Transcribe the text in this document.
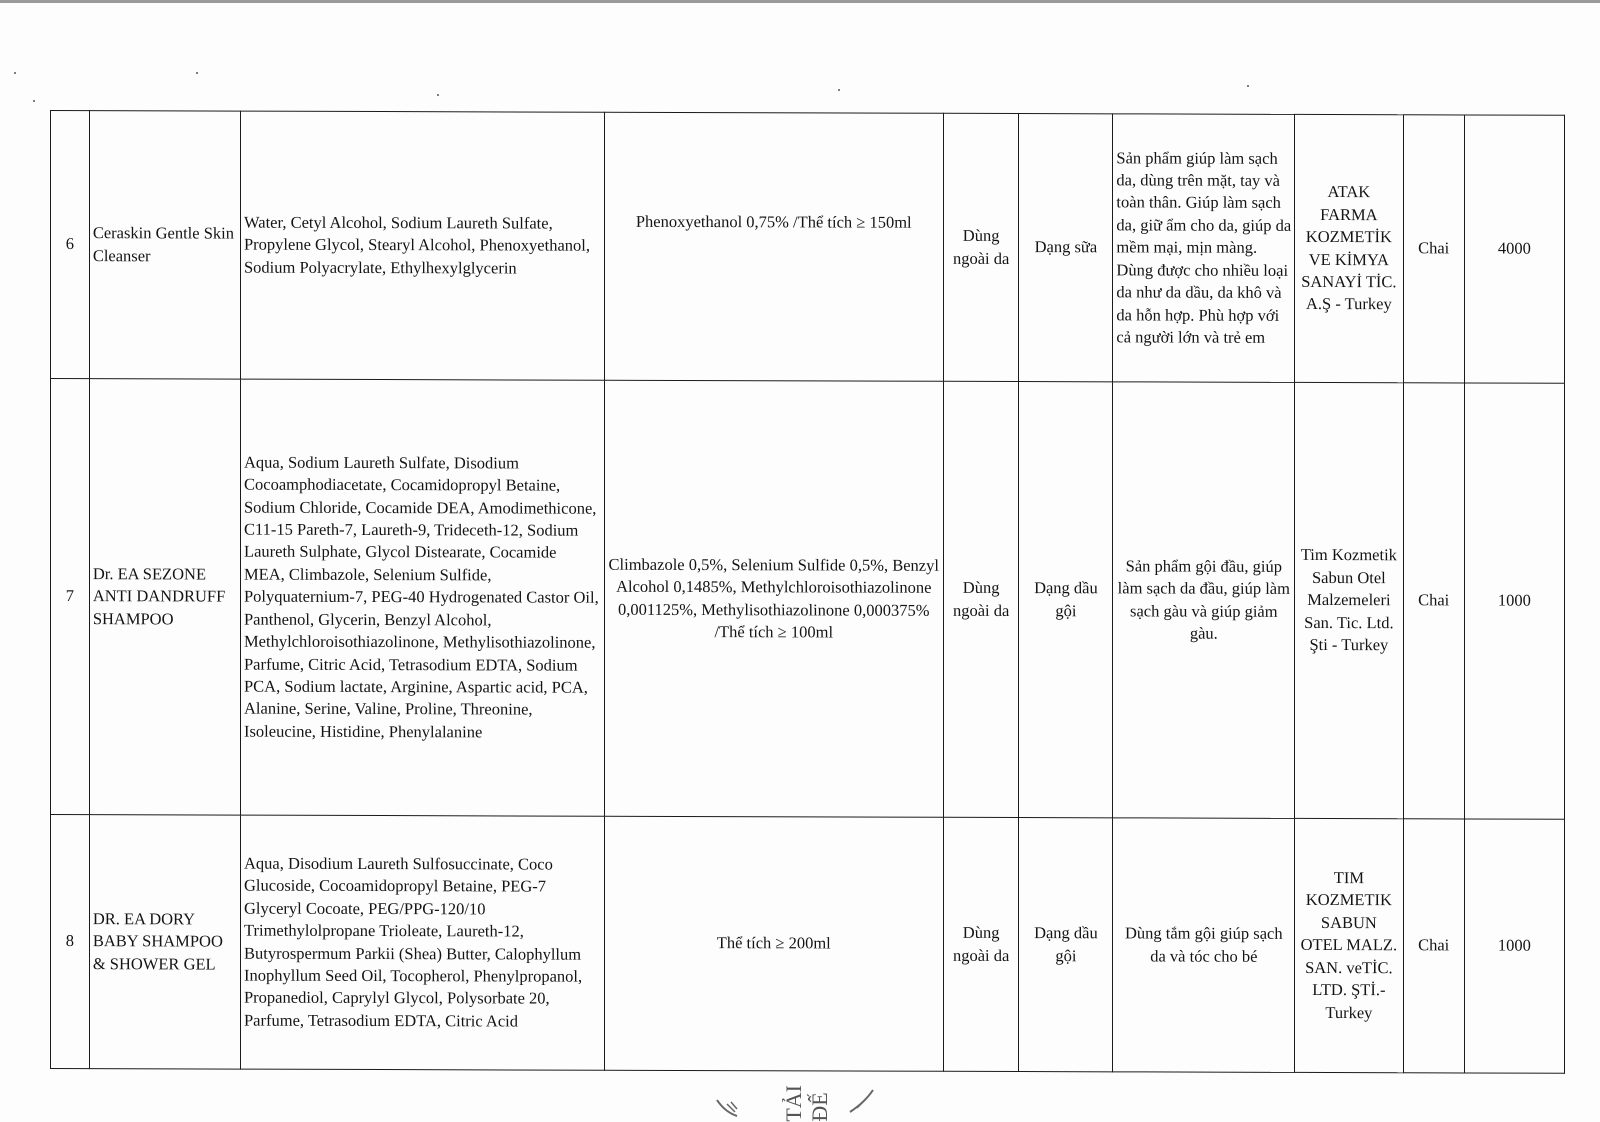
6	Ceraskin Gentle Skin Cleanser	Water, Cetyl Alcohol, Sodium Laureth Sulfate, Propylene Glycol, Stearyl Alcohol, Phenoxyethanol, Sodium Polyacrylate, Ethylhexylglycerin	Phenoxyethanol 0,75% /Thể tích ≥ 150ml	Dùng ngoài da	Dạng sữa	Sản phẩm giúp làm sạch da, dùng trên mặt, tay và toàn thân. Giúp làm sạch da, giữ ẩm cho da, giúp da mềm mại, mịn màng. Dùng được cho nhiều loại da như da dầu, da khô và da hỗn hợp. Phù hợp với cả người lớn và trẻ em	ATAK FARMA KOZMETİK VE KİMYA SANAYİ TİC. A.Ş - Turkey	Chai	4000
7	Dr. EA SEZONE ANTI DANDRUFF SHAMPOO	Aqua, Sodium Laureth Sulfate, Disodium Cocoamphodiacetate, Cocamidopropyl Betaine, Sodium Chloride, Cocamide DEA, Amodimethicone, C11-15 Pareth-7, Laureth-9, Trideceth-12, Sodium Laureth Sulphate, Glycol Distearate, Cocamide MEA, Climbazole, Selenium Sulfide, Polyquaternium-7, PEG-40 Hydrogenated Castor Oil, Panthenol, Glycerin, Benzyl Alcohol, Methylchloroisothiazolinone, Methylisothiazolinone, Parfume, Citric Acid, Tetrasodium EDTA, Sodium PCA, Sodium lactate, Arginine, Aspartic acid, PCA, Alanine, Serine, Valine, Proline, Threonine, Isoleucine, Histidine, Phenylalanine	Climbazole 0,5%, Selenium Sulfide 0,5%, Benzyl Alcohol 0,1485%, Methylchloroisothiazolinone 0,001125%, Methylisothiazolinone 0,000375% /Thể tích ≥ 100ml	Dùng ngoài da	Dạng dầu gội	Sản phẩm gội đầu, giúp làm sạch da đầu, giúp làm sạch gàu và giúp giảm gàu.	Tim Kozmetik Sabun Otel Malzemeleri San. Tic. Ltd. Şti - Turkey	Chai	1000
8	DR. EA DORY BABY SHAMPOO & SHOWER GEL	Aqua, Disodium Laureth Sulfosuccinate, Coco Glucoside, Cocoamidopropyl Betaine, PEG-7 Glyceryl Cocoate, PEG/PPG-120/10 Trimethylolpropane Trioleate, Laureth-12, Butyrospermum Parkii (Shea) Butter, Calophyllum Inophyllum Seed Oil, Tocopherol, Phenylpropanol, Propanediol, Caprylyl Glycol, Polysorbate 20, Parfume, Tetrasodium EDTA, Citric Acid	Thể tích ≥ 200ml	Dùng ngoài da	Dạng dầu gội	Dùng tắm gội giúp sạch da và tóc cho bé	TIM KOZMETIK SABUN OTEL MALZ. SAN. veTİC. LTD. ŞTİ.- Turkey	Chai	1000
TẢI ĐẾ
